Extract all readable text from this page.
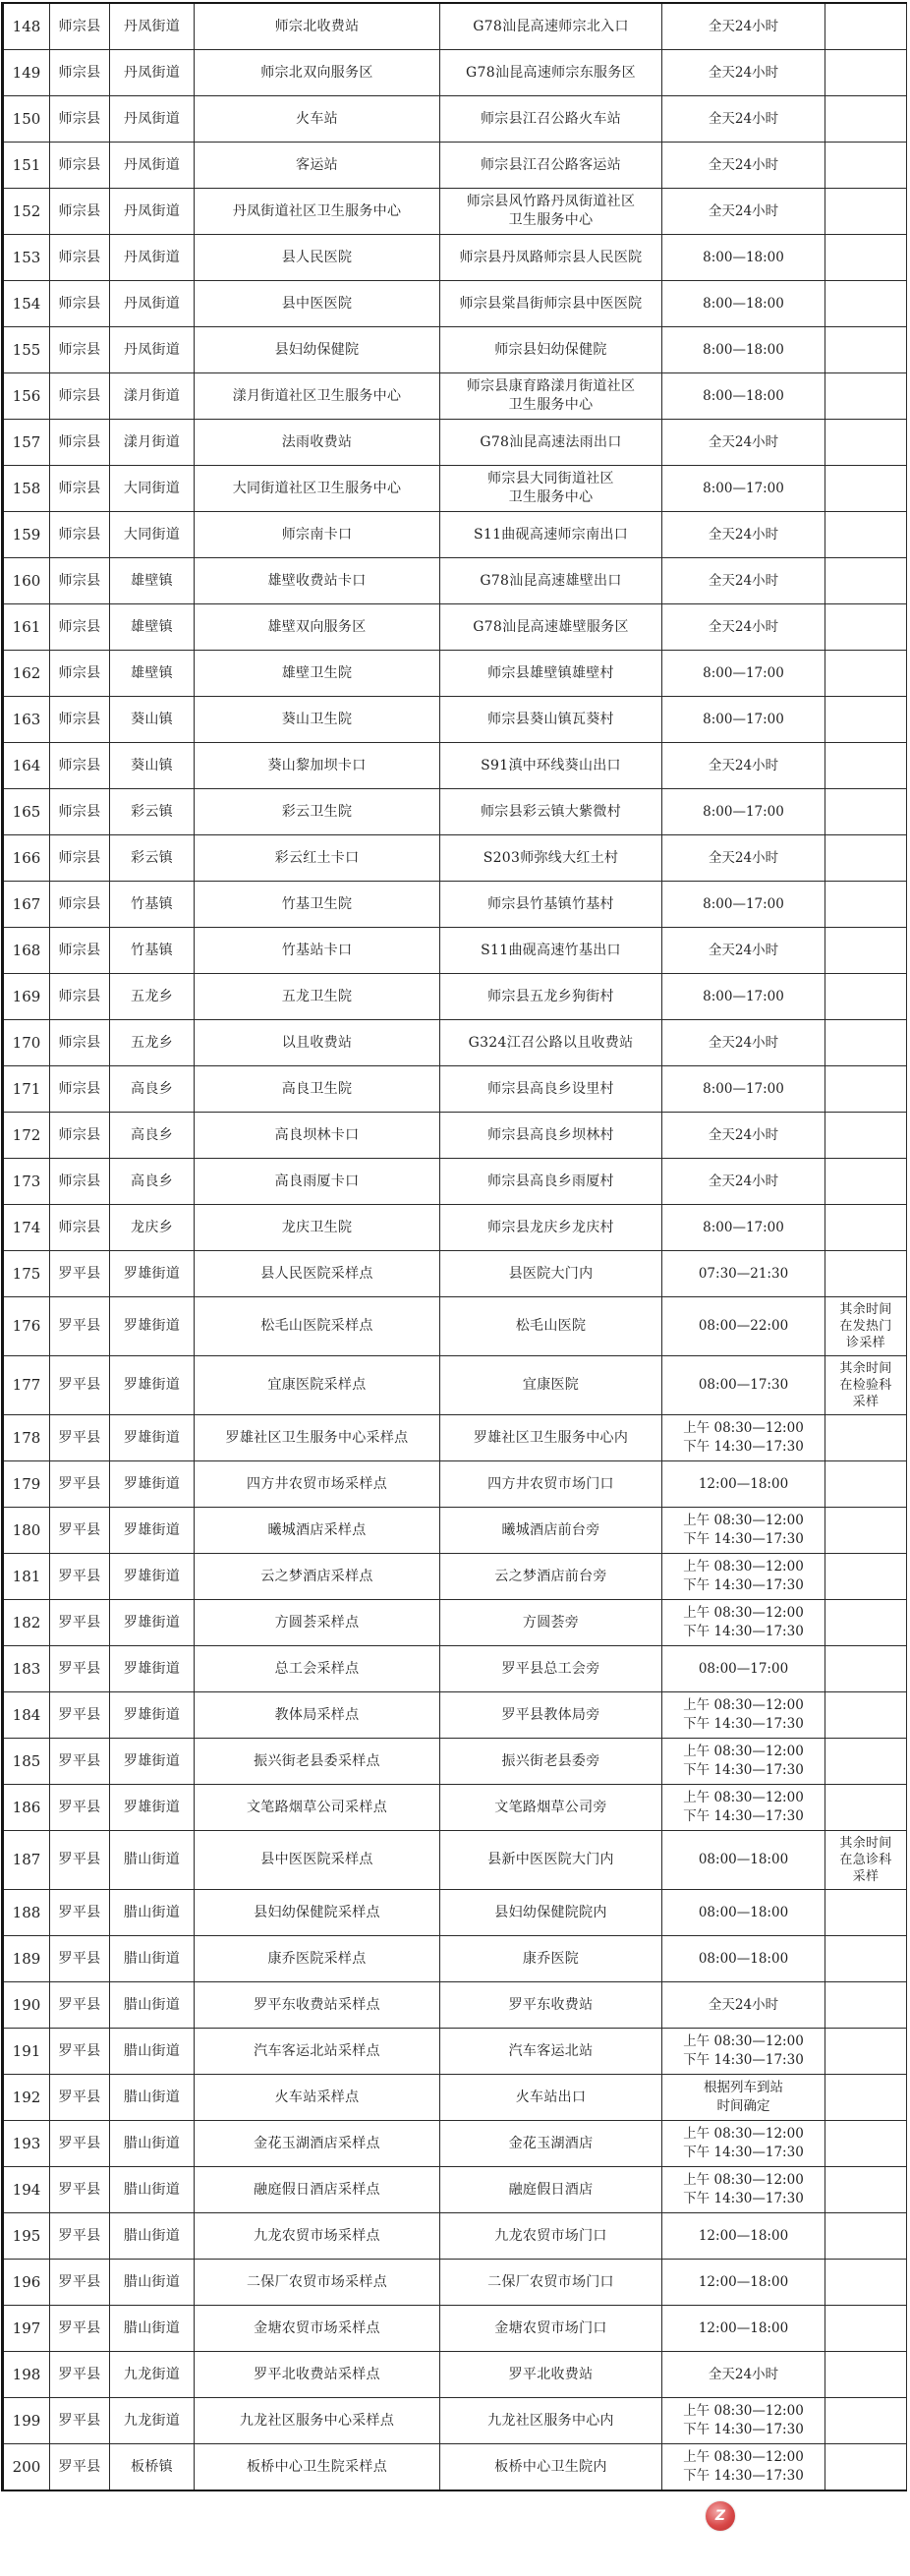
148	师宗县	丹凤街道	师宗北收费站	G78汕昆高速师宗北入口	全天24小时	

149	师宗县	丹凤街道	师宗北双向服务区	G78汕昆高速师宗东服务区	全天24小时	

150	师宗县	丹凤街道	火车站	师宗县江召公路火车站	全天24小时	

151	师宗县	丹凤街道	客运站	师宗县江召公路客运站	全天24小时	

152	师宗县	丹凤街道	丹凤街道社区卫生服务中心	师宗县风竹路丹凤街道社区
卫生服务中心	全天24小时	

153	师宗县	丹凤街道	县人民医院	师宗县丹凤路师宗县人民医院	8:00—18:00	

154	师宗县	丹凤街道	县中医医院	师宗县棠昌街师宗县中医医院	8:00—18:00	

155	师宗县	丹凤街道	县妇幼保健院	师宗县妇幼保健院	8:00—18:00	

156	师宗县	漾月街道	漾月街道社区卫生服务中心	师宗县康育路漾月街道社区
卫生服务中心	8:00—18:00	

157	师宗县	漾月街道	法雨收费站	G78汕昆高速法雨出口	全天24小时	

158	师宗县	大同街道	大同街道社区卫生服务中心	师宗县大同街道社区
卫生服务中心	8:00—17:00	

159	师宗县	大同街道	师宗南卡口	S11曲砚高速师宗南出口	全天24小时	

160	师宗县	雄壁镇	雄壁收费站卡口	G78汕昆高速雄壁出口	全天24小时	

161	师宗县	雄壁镇	雄壁双向服务区	G78汕昆高速雄壁服务区	全天24小时	

162	师宗县	雄壁镇	雄壁卫生院	师宗县雄壁镇雄壁村	8:00—17:00	

163	师宗县	葵山镇	葵山卫生院	师宗县葵山镇瓦葵村	8:00—17:00	

164	师宗县	葵山镇	葵山黎加坝卡口	S91滇中环线葵山出口	全天24小时	

165	师宗县	彩云镇	彩云卫生院	师宗县彩云镇大紫微村	8:00—17:00	

166	师宗县	彩云镇	彩云红土卡口	S203师弥线大红土村	全天24小时	

167	师宗县	竹基镇	竹基卫生院	师宗县竹基镇竹基村	8:00—17:00	

168	师宗县	竹基镇	竹基站卡口	S11曲砚高速竹基出口	全天24小时	

169	师宗县	五龙乡	五龙卫生院	师宗县五龙乡狗街村	8:00—17:00	

170	师宗县	五龙乡	以且收费站	G324江召公路以且收费站	全天24小时	

171	师宗县	高良乡	高良卫生院	师宗县高良乡设里村	8:00—17:00	

172	师宗县	高良乡	高良坝林卡口	师宗县高良乡坝林村	全天24小时	

173	师宗县	高良乡	高良雨厦卡口	师宗县高良乡雨厦村	全天24小时	

174	师宗县	龙庆乡	龙庆卫生院	师宗县龙庆乡龙庆村	8:00—17:00	

175	罗平县	罗雄街道	县人民医院采样点	县医院大门内	07:30—21:30	

176	罗平县	罗雄街道	松毛山医院采样点	松毛山医院	08:00—22:00	其余时间
在发热门
诊采样

177	罗平县	罗雄街道	宜康医院采样点	宜康医院	08:00—17:30	其余时间
在检验科
采样

178	罗平县	罗雄街道	罗雄社区卫生服务中心采样点	罗雄社区卫生服务中心内	上午 08:30—12:00
下午 14:30—17:30	

179	罗平县	罗雄街道	四方井农贸市场采样点	四方井农贸市场门口	12:00—18:00	

180	罗平县	罗雄街道	曦城酒店采样点	曦城酒店前台旁	上午 08:30—12:00
下午 14:30—17:30	

181	罗平县	罗雄街道	云之梦酒店采样点	云之梦酒店前台旁	上午 08:30—12:00
下午 14:30—17:30	

182	罗平县	罗雄街道	方圆荟采样点	方圆荟旁	上午 08:30—12:00
下午 14:30—17:30	

183	罗平县	罗雄街道	总工会采样点	罗平县总工会旁	08:00—17:00	

184	罗平县	罗雄街道	教体局采样点	罗平县教体局旁	上午 08:30—12:00
下午 14:30—17:30	

185	罗平县	罗雄街道	振兴街老县委采样点	振兴街老县委旁	上午 08:30—12:00
下午 14:30—17:30	

186	罗平县	罗雄街道	文笔路烟草公司采样点	文笔路烟草公司旁	上午 08:30—12:00
下午 14:30—17:30	

187	罗平县	腊山街道	县中医医院采样点	县新中医医院大门内	08:00—18:00	其余时间
在急诊科
采样

188	罗平县	腊山街道	县妇幼保健院采样点	县妇幼保健院院内	08:00—18:00	

189	罗平县	腊山街道	康乔医院采样点	康乔医院	08:00—18:00	

190	罗平县	腊山街道	罗平东收费站采样点	罗平东收费站	全天24小时	

191	罗平县	腊山街道	汽车客运北站采样点	汽车客运北站	上午 08:30—12:00
下午 14:30—17:30	

192	罗平县	腊山街道	火车站采样点	火车站出口	根据列车到站
时间确定	

193	罗平县	腊山街道	金花玉湖酒店采样点	金花玉湖酒店	上午 08:30—12:00
下午 14:30—17:30	

194	罗平县	腊山街道	融庭假日酒店采样点	融庭假日酒店	上午 08:30—12:00
下午 14:30—17:30	

195	罗平县	腊山街道	九龙农贸市场采样点	九龙农贸市场门口	12:00—18:00	

196	罗平县	腊山街道	二保厂农贸市场采样点	二保厂农贸市场门口	12:00—18:00	

197	罗平县	腊山街道	金塘农贸市场采样点	金塘农贸市场门口	12:00—18:00	

198	罗平县	九龙街道	罗平北收费站采样点	罗平北收费站	全天24小时	

199	罗平县	九龙街道	九龙社区服务中心采样点	九龙社区服务中心内	上午 08:30—12:00
下午 14:30—17:30	

200	罗平县	板桥镇	板桥中心卫生院采样点	板桥中心卫生院内	上午 08:30—12:00
下午 14:30—17:30	

Z
